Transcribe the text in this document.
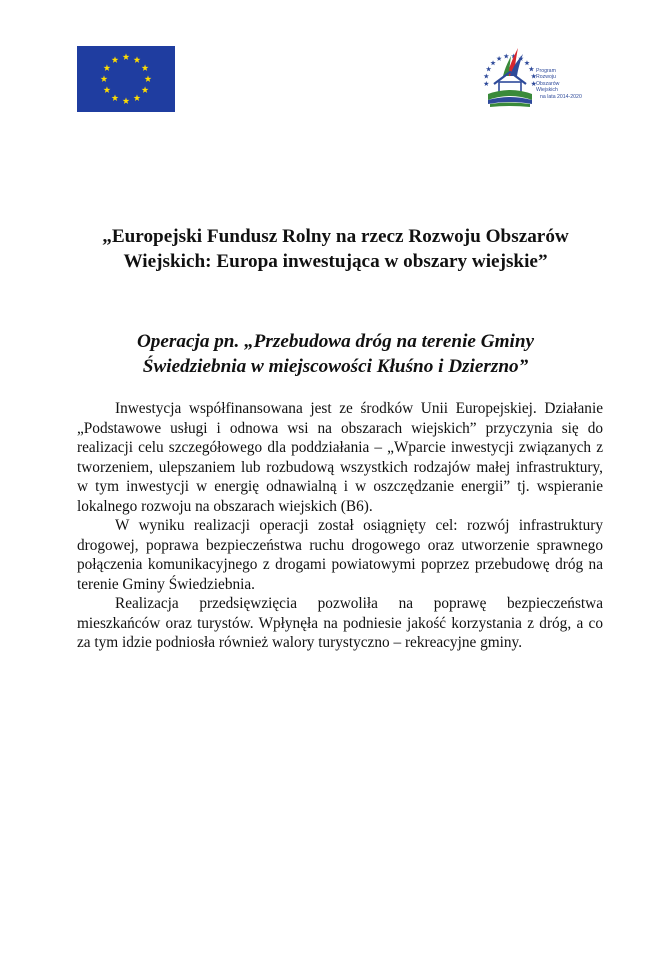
Program
Rozwoju
Obszarów
Wiejskich
na lata 2014-2020
„Europejski Fundusz Rolny na rzecz Rozwoju Obszarów
Wiejskich: Europa inwestująca w obszary wiejskie”
Operacja pn. „Przebudowa dróg na terenie Gminy
Świedziebnia w miejscowości Kłuśno i Dzierzno”

Inwestycja współfinansowana jest ze środków Unii Europejskiej. Działanie „Podstawowe usługi i odnowa wsi na obszarach wiejskich” przyczynia się do realizacji celu szczegółowego dla poddziałania – „Wparcie inwestycji związanych z tworzeniem, ulepszaniem lub rozbudową wszystkich rodzajów małej infrastruktury, w tym inwestycji w energię odnawialną i w oszczędzanie energii” tj. wspieranie lokalnego rozwoju na obszarach wiejskich (B6).

W wyniku realizacji operacji został osiągnięty cel: rozwój infrastruktury drogowej, poprawa bezpieczeństwa ruchu drogowego oraz utworzenie sprawnego połączenia komunikacyjnego z drogami powiatowymi poprzez przebudowę dróg na terenie Gminy Świedziebnia.

Realizacja przedsięwzięcia pozwoliła na poprawę bezpieczeństwa mieszkańców oraz turystów. Wpłynęła na podniesie jakość korzystania z dróg, a co za tym idzie podniosła również walory turystyczno – rekreacyjne gminy.
